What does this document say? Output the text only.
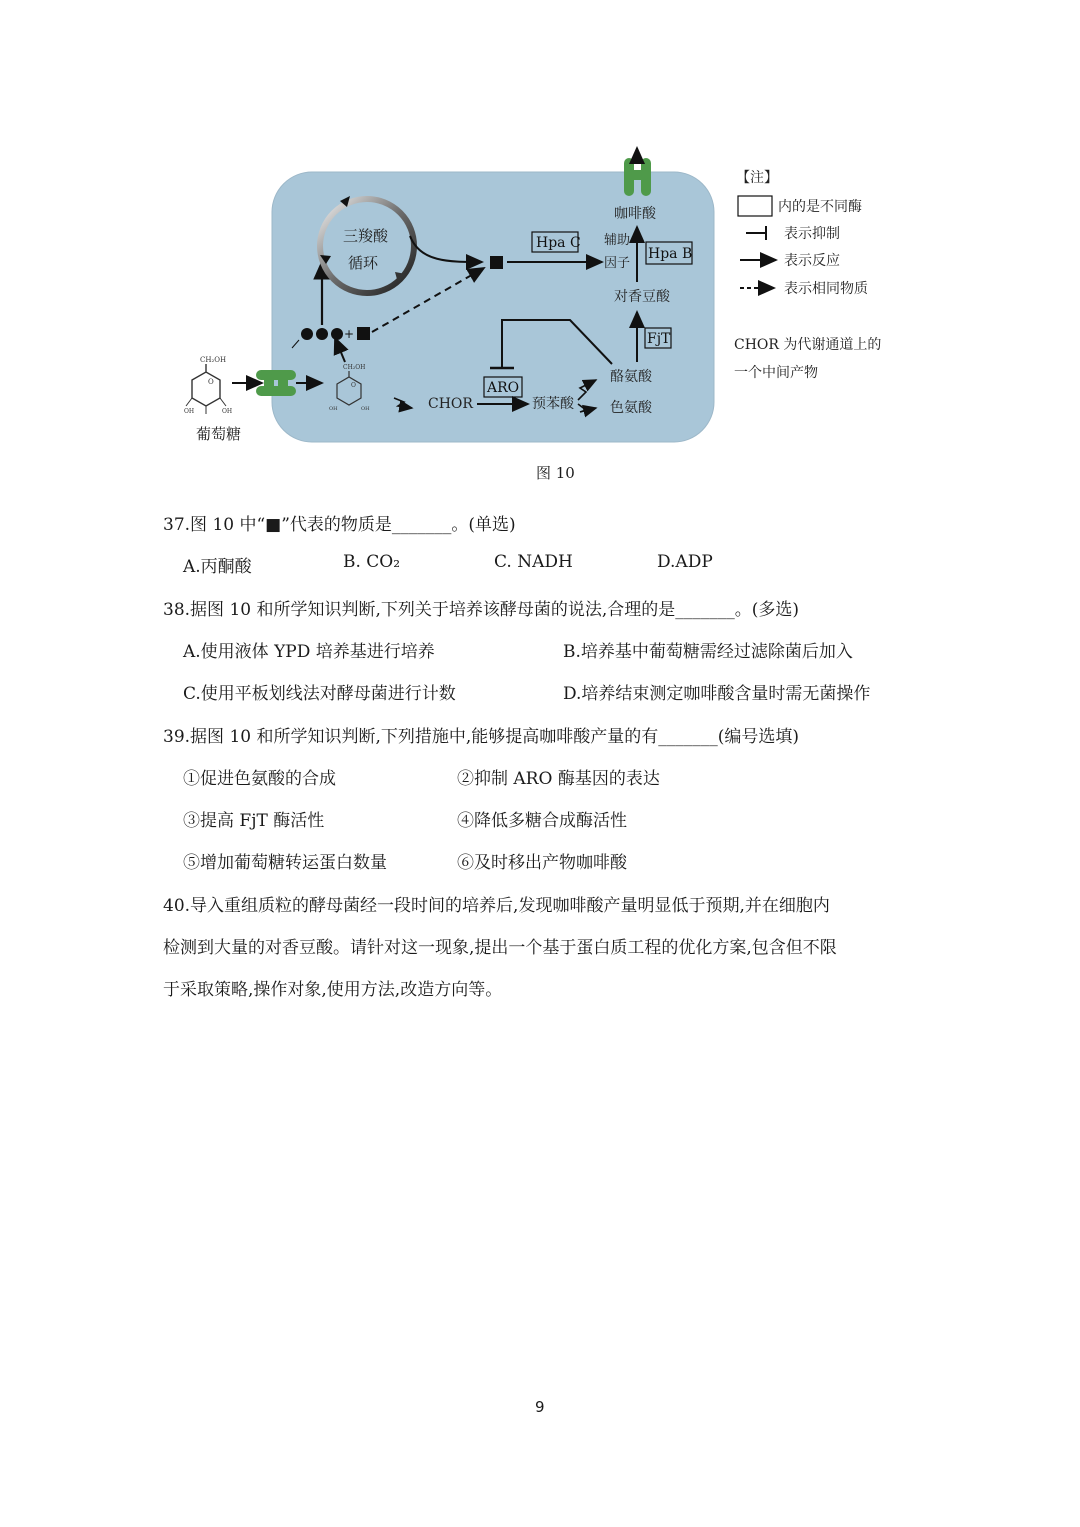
CH₂OH
O
OH	OH
葡萄糖
CH₂OH
O
OH	OH
+
三羧酸
循环
Hpa C 辅助
因子
Hpa B
咖啡酸
对香豆酸
FjT
CHOR
ARO
预苯酸
酪氨酸
色氨酸
【注】
内的是不同酶
表示抑制
表示反应
表示相同物质
CHOR 为代谢通道上的
一个中间产物
图 10
37.图 10 中“■”代表的物质是_______。(单选)
A.丙酮酸	B. CO₂	C. NADH	D.ADP
38.据图 10 和所学知识判断,下列关于培养该酵母菌的说法,合理的是_______。(多选)
A.使用液体 YPD 培养基进行培养	B.培养基中葡萄糖需经过滤除菌后加入
C.使用平板划线法对酵母菌进行计数	D.培养结束测定咖啡酸含量时需无菌操作
39.据图 10 和所学知识判断,下列措施中,能够提高咖啡酸产量的有_______(编号选填)
①促进色氨酸的合成	②抑制 ARO 酶基因的表达
③提高 FjT 酶活性	④降低多糖合成酶活性
⑤增加葡萄糖转运蛋白数量	⑥及时移出产物咖啡酸
40.导入重组质粒的酵母菌经一段时间的培养后,发现咖啡酸产量明显低于预期,并在细胞内
检测到大量的对香豆酸。请针对这一现象,提出一个基于蛋白质工程的优化方案,包含但不限
于采取策略,操作对象,使用方法,改造方向等。
9
